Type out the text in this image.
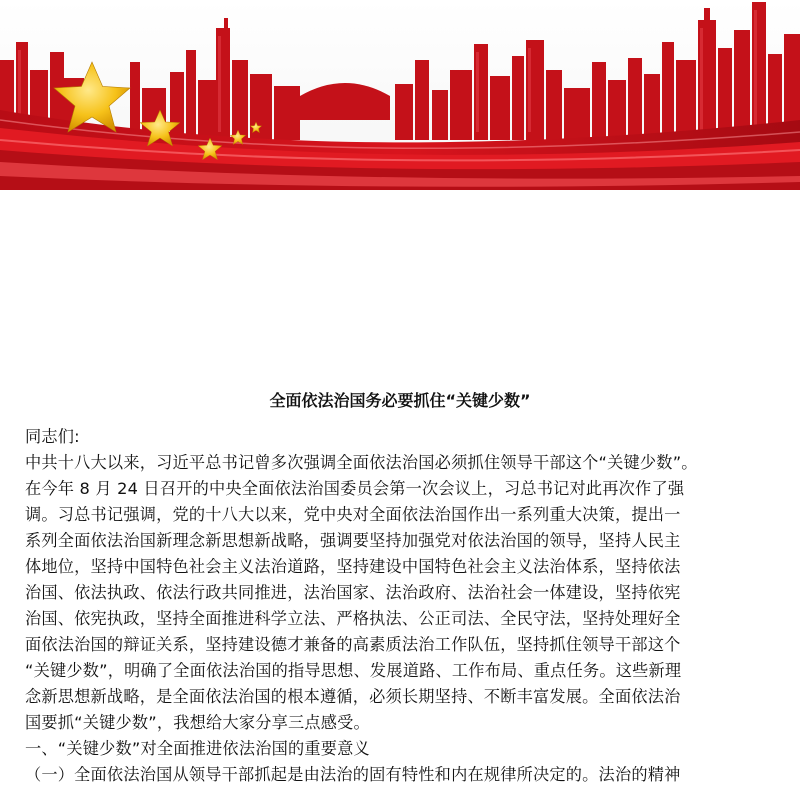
全面依法治国务必要抓住“关键少数”
同志们:
中共十八大以来，习近平总书记曾多次强调全面依法治国必须抓住领导干部这个“关键少数”。
在今年 8 月 24 日召开的中央全面依法治国委员会第一次会议上，习总书记对此再次作了强
调。习总书记强调，党的十八大以来，党中央对全面依法治国作出一系列重大决策，提出一
系列全面依法治国新理念新思想新战略，强调要坚持加强党对依法治国的领导，坚持人民主
体地位，坚持中国特色社会主义法治道路，坚持建设中国特色社会主义法治体系，坚持依法
治国、依法执政、依法行政共同推进，法治国家、法治政府、法治社会一体建设，坚持依宪
治国、依宪执政，坚持全面推进科学立法、严格执法、公正司法、全民守法，坚持处理好全
面依法治国的辩证关系，坚持建设德才兼备的高素质法治工作队伍，坚持抓住领导干部这个
“关键少数”，明确了全面依法治国的指导思想、发展道路、工作布局、重点任务。这些新理
念新思想新战略，是全面依法治国的根本遵循，必须长期坚持、不断丰富发展。全面依法治
国要抓“关键少数”，我想给大家分享三点感受。
一、“关键少数”对全面推进依法治国的重要意义
（一）全面依法治国从领导干部抓起是由法治的固有特性和内在规律所决定的。法治的精神
